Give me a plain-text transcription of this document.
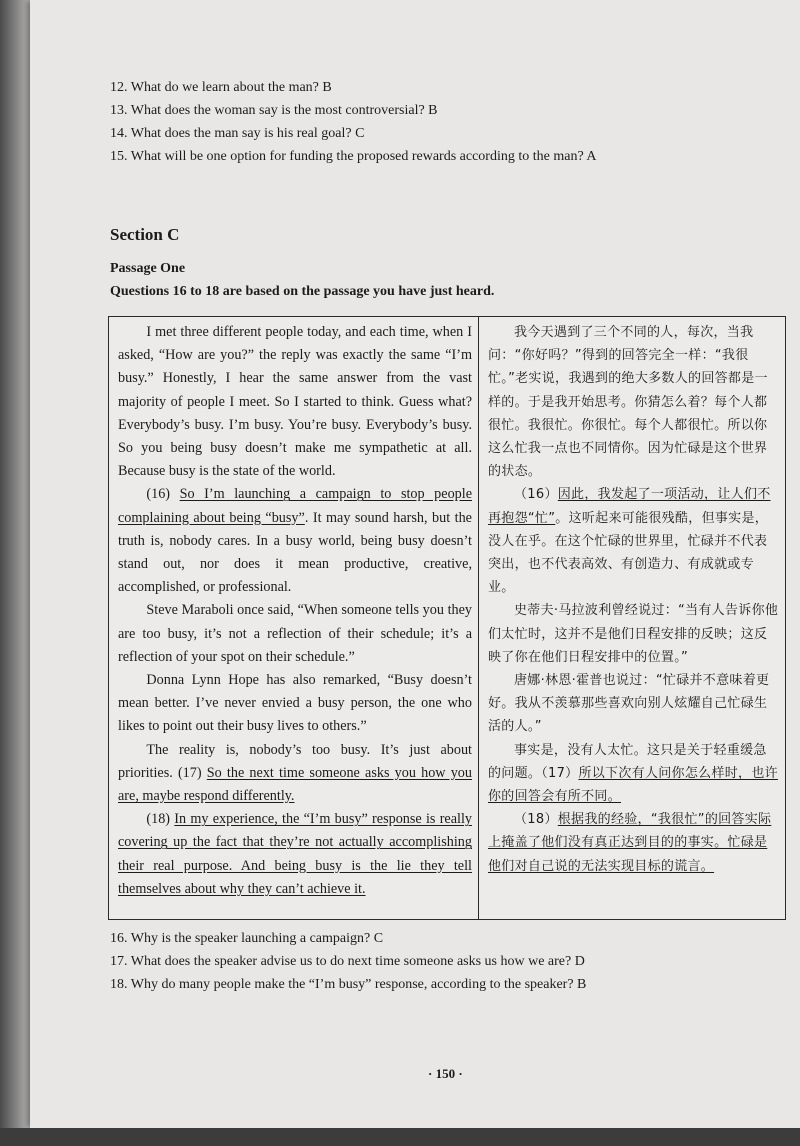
12. What do we learn about the man? B
13. What does the woman say is the most controversial? B
14. What does the man say is his real goal? C
15. What will be one option for funding the proposed rewards according to the man? A
Section C
Passage One
Questions 16 to 18 are based on the passage you have just heard.

I met three different people today, and each time, when I asked, “How are you?” the reply was exactly the same “I’m busy.” Honestly, I hear the same answer from the vast majority of people I meet. So I started to think. Guess what? Everybody’s busy. I’m busy. You’re busy. Everybody’s busy. So you being busy doesn’t make me sympathetic at all. Because busy is the state of the world.

(16) So I’m launching a campaign to stop people complaining about being “busy”. It may sound harsh, but the truth is, nobody cares. In a busy world, being busy doesn’t stand out, nor does it mean productive, creative, accomplished, or professional.

Steve Maraboli once said, “When someone tells you they are too busy, it’s not a reflection of their schedule; it’s a reflection of your spot on their schedule.”

Donna Lynn Hope has also remarked, “Busy doesn’t mean better. I’ve never envied a busy person, the one who likes to point out their busy lives to others.”

The reality is, nobody’s too busy. It’s just about priorities. (17) So the next time someone asks you how you are, maybe respond differently.

(18) In my experience, the “I’m busy” response is really covering up the fact that they’re not actually accomplishing their real purpose. And being busy is the lie they tell themselves about why they can’t achieve it.

我今天遇到了三个不同的人，每次，当我问：“你好吗？”得到的回答完全一样：“我很忙。”老实说，我遇到的绝大多数人的回答都是一样的。于是我开始思考。你猜怎么着？每个人都很忙。我很忙。你很忙。每个人都很忙。所以你这么忙我一点也不同情你。因为忙碌是这个世界的状态。

（16）因此，我发起了一项活动，让人们不再抱怨“忙”。这听起来可能很残酷，但事实是，没人在乎。在这个忙碌的世界里，忙碌并不代表突出，也不代表高效、有创造力、有成就或专业。

史蒂夫·马拉波利曾经说过：“当有人告诉你他们太忙时，这并不是他们日程安排的反映；这反映了你在他们日程安排中的位置。”

唐娜·林恩·霍普也说过：“忙碌并不意味着更好。我从不羡慕那些喜欢向别人炫耀自己忙碌生活的人。”

事实是，没有人太忙。这只是关于轻重缓急的问题。（17）所以下次有人问你怎么样时，也许你的回答会有所不同。

（18）根据我的经验，“我很忙”的回答实际上掩盖了他们没有真正达到目的的事实。忙碌是他们对自己说的无法实现目标的谎言。

16. Why is the speaker launching a campaign? C
17. What does the speaker advise us to do next time someone asks us how we are? D
18. Why do many people make the “I’m busy” response, according to the speaker? B
· 150 ·
